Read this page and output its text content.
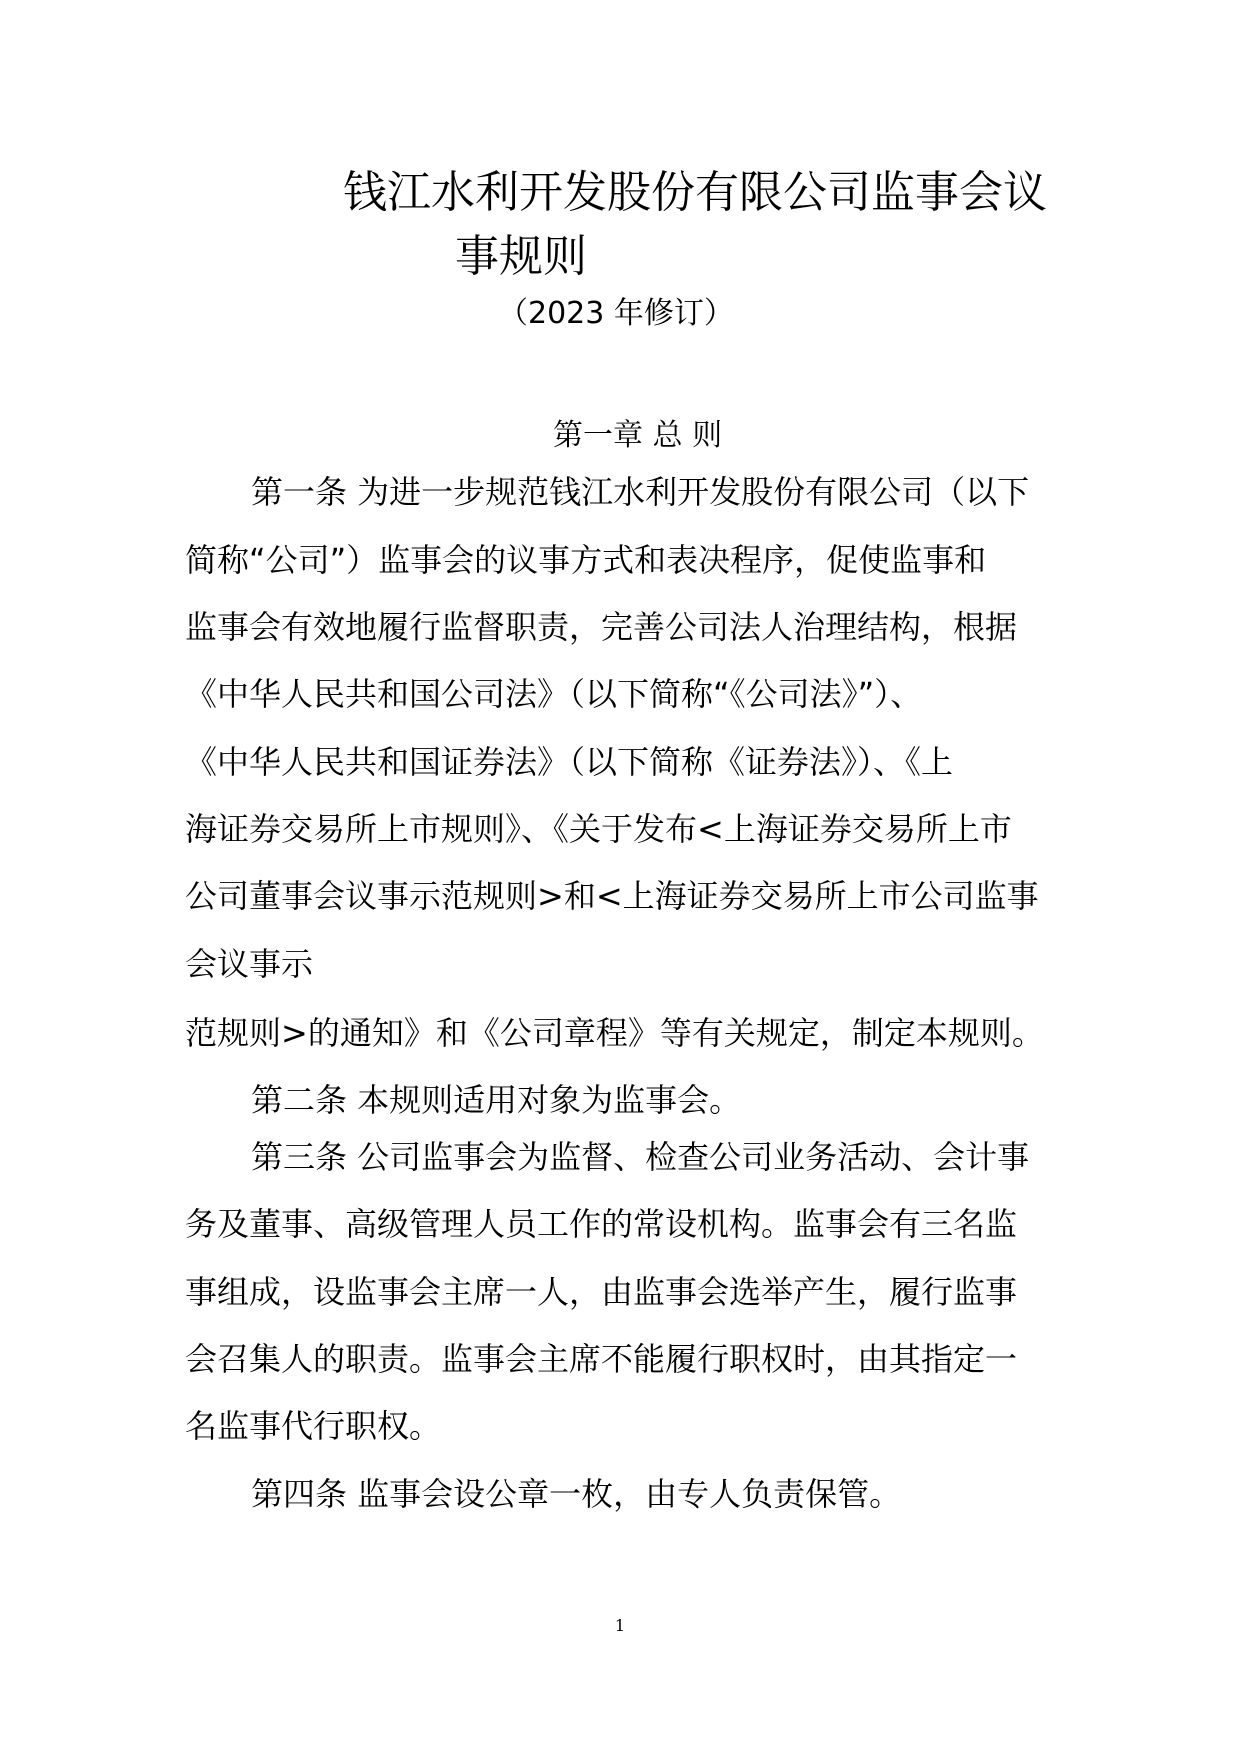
钱江水利开发股份有限公司监事会议
事规则
（2023 年修订）
第一章 总 则
第一条 为进一步规范钱江水利开发股份有限公司（以下
简称“公司”）监事会的议事方式和表决程序，促使监事和
监事会有效地履行监督职责，完善公司法人治理结构，根据
《中华人民共和国公司法》（以下简称“《公司法》”）、
《中华人民共和国证券法》（以下简称《证券法》）、《上
海证券交易所上市规则》、《关于发布<上海证券交易所上市
公司董事会议事示范规则>和<上海证券交易所上市公司监事
会议事示
范规则>的通知》和《公司章程》等有关规定，制定本规则。
第二条 本规则适用对象为监事会。
第三条 公司监事会为监督、检查公司业务活动、会计事
务及董事、高级管理人员工作的常设机构。监事会有三名监
事组成，设监事会主席一人，由监事会选举产生，履行监事
会召集人的职责。监事会主席不能履行职权时，由其指定一
名监事代行职权。
第四条 监事会设公章一枚，由专人负责保管。
1
